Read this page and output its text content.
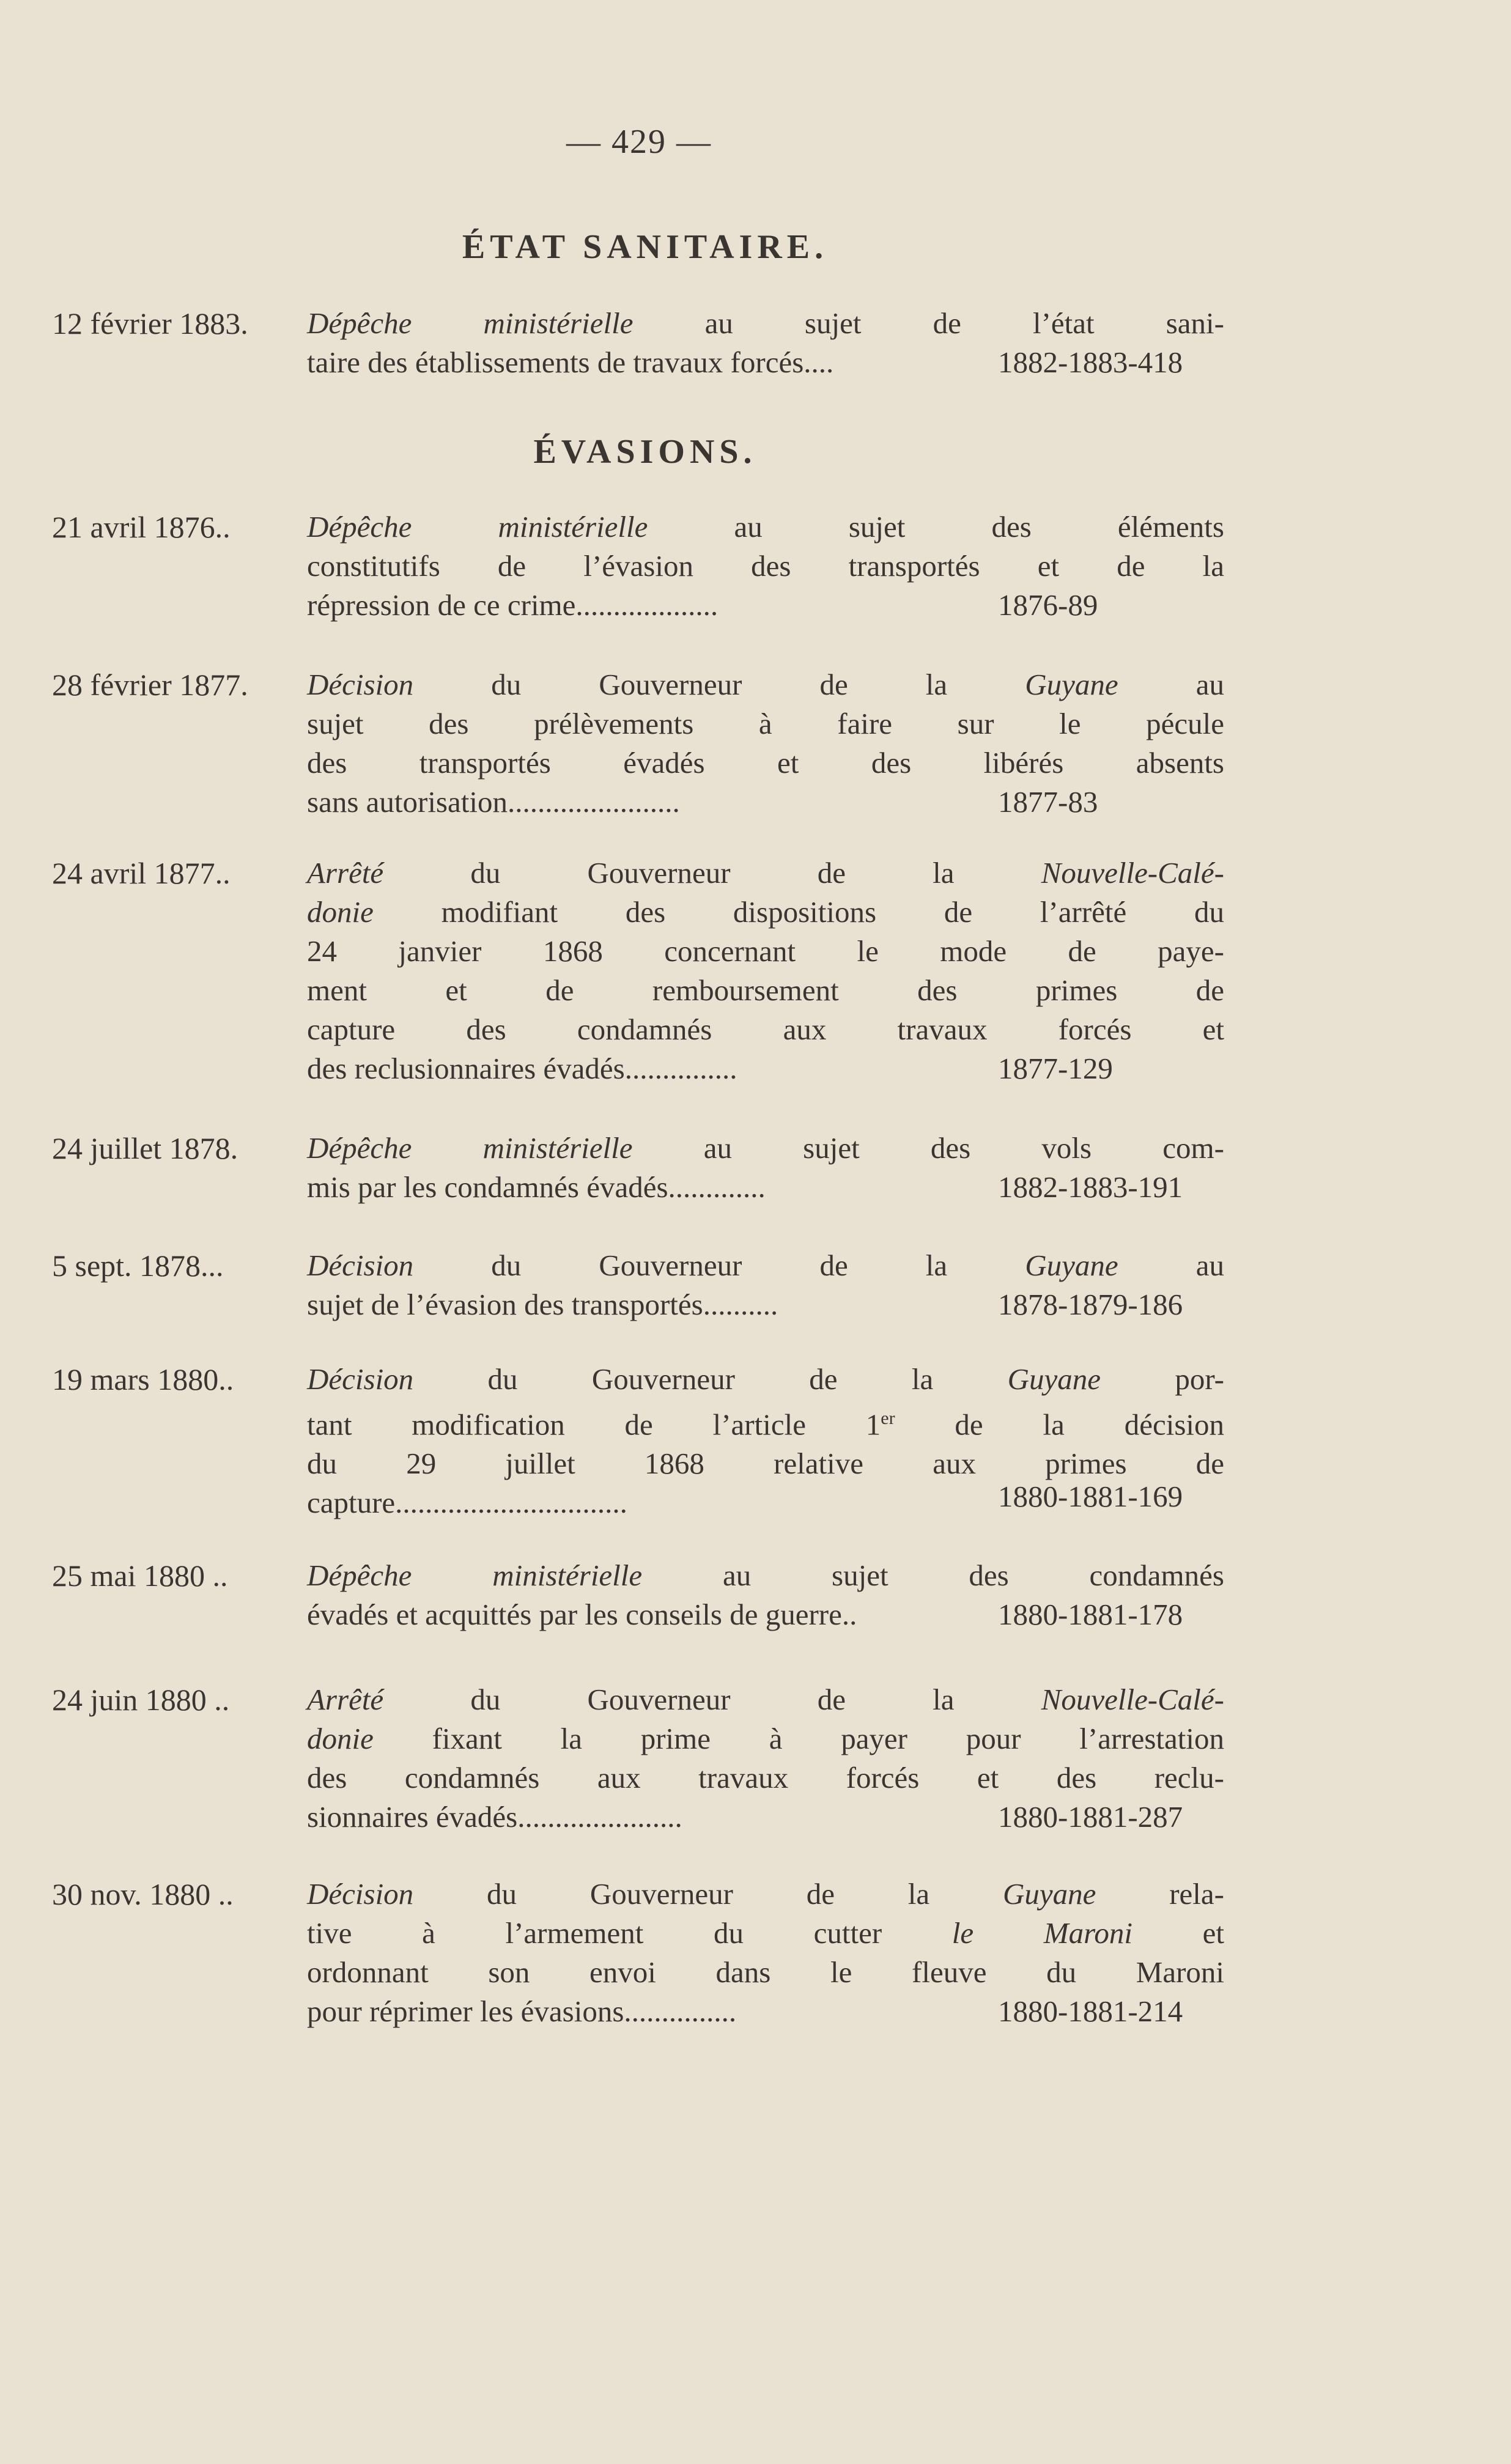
— 429 —
ÉTAT SANITAIRE.
12 février 1883. Dépêche ministérielle au sujet de l’état sani-
taire des établissements de travaux forcés....	1882-1883-418
ÉVASIONS.
21 avril 1876..	Dépêche ministérielle au sujet des éléments
constitutifs de l’évasion des transportés et de la
répression de ce crime...................	1876-89
28 février 1877. Décision du Gouverneur de la Guyane au
sujet des prélèvements à faire sur le pécule
des transportés évadés et des libérés absents
sans autorisation.......................	1877-83
24 avril 1877..	Arrêté du Gouverneur de la Nouvelle-Calé-
donie modifiant des dispositions de l’arrêté du
24 janvier 1868 concernant le mode de paye-
ment et de remboursement des primes de
capture des condamnés aux travaux forcés et
des reclusionnaires évadés...............	1877-129
24 juillet 1878. Dépêche ministérielle au sujet des vols com-
mis par les condamnés évadés.............	1882-1883-191
5 sept. 1878...	Décision du Gouverneur de la Guyane au
sujet de l’évasion des transportés..........	1878-1879-186
19 mars 1880.. Décision du Gouverneur de la Guyane por-
tant modification de l’article 1er de la décision
du 29 juillet 1868 relative aux primes de
capture...............................	1880-1881-169
25 mai 1880 ..	Dépêche ministérielle au sujet des condamnés
évadés et acquittés par les conseils de guerre..	1880-1881-178
24 juin 1880 ..	Arrêté du Gouverneur de la Nouvelle-Calé-
donie fixant la prime à payer pour l’arrestation
des condamnés aux travaux forcés et des reclu-
sionnaires évadés......................	1880-1881-287
30 nov. 1880 .. Décision du Gouverneur de la Guyane rela-
tive à l’armement du cutter le Maroni et
ordonnant son envoi dans le fleuve du Maroni
pour réprimer les évasions...............	1880-1881-214
